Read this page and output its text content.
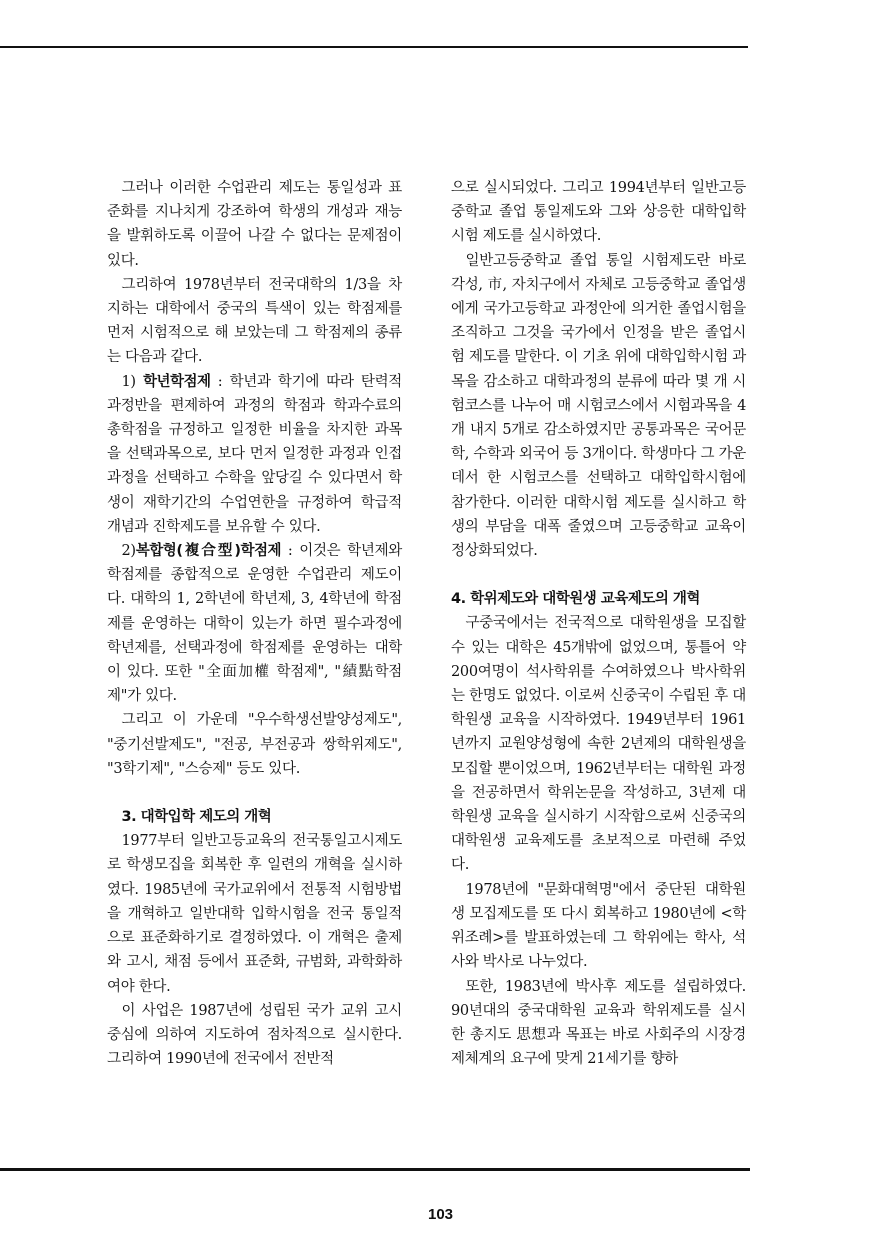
그러나 이러한 수업관리 제도는 통일성과 표준화를 지나치게 강조하여 학생의 개성과 재능을 발휘하도록 이끌어 나갈 수 없다는 문제점이 있다.

그리하여 1978년부터 전국대학의 1/3을 차지하는 대학에서 중국의 특색이 있는 학점제를 먼저 시험적으로 해 보았는데 그 학점제의 종류는 다음과 같다.

1) 학년학점제 : 학년과 학기에 따라 탄력적 과정반을 편제하여 과정의 학점과 학과수료의 총학점을 규정하고 일정한 비율을 차지한 과목을 선택과목으로, 보다 먼저 일정한 과정과 인접과정을 선택하고 수학을 앞당길 수 있다면서 학생이 재학기간의 수업연한을 규정하여 학급적 개념과 진학제도를 보유할 수 있다.

2)복합형(複合型)학점제 : 이것은 학년제와 학점제를 종합적으로 운영한 수업관리 제도이다. 대학의 1, 2학년에 학년제, 3, 4학년에 학점제를 운영하는 대학이 있는가 하면 필수과정에 학년제를, 선택과정에 학점제를 운영하는 대학이 있다. 또한 "全面加權 학점제", "績點학점제"가 있다.

그리고 이 가운데 "우수학생선발양성제도", "중기선발제도", "전공, 부전공과 쌍학위제도", "3학기제", "스승제" 등도 있다.

3. 대학입학 제도의 개혁

1977부터 일반고등교육의 전국통일고시제도로 학생모집을 회복한 후 일련의 개혁을 실시하였다. 1985년에 국가교위에서 전통적 시험방법을 개혁하고 일반대학 입학시험을 전국 통일적으로 표준화하기로 결정하였다. 이 개혁은 출제와 고시, 채점 등에서 표준화, 규범화, 과학화하여야 한다.

이 사업은 1987년에 성립된 국가 교위 고시 중심에 의하여 지도하여 점차적으로 실시한다. 그리하여 1990년에 전국에서 전반적

으로 실시되었다. 그리고 1994년부터 일반고등중학교 졸업 통일제도와 그와 상응한 대학입학시험 제도를 실시하였다.

일반고등중학교 졸업 통일 시험제도란 바로 각성, 市, 자치구에서 자체로 고등중학교 졸업생에게 국가고등학교 과정안에 의거한 졸업시험을 조직하고 그것을 국가에서 인정을 받은 졸업시험 제도를 말한다. 이 기초 위에 대학입학시험 과목을 감소하고 대학과정의 분류에 따라 몇 개 시험코스를 나누어 매 시험코스에서 시험과목을 4개 내지 5개로 감소하였지만 공통과목은 국어문학, 수학과 외국어 등 3개이다. 학생마다 그 가운데서 한 시험코스를 선택하고 대학입학시험에 참가한다. 이러한 대학시험 제도를 실시하고 학생의 부담을 대폭 줄였으며 고등중학교 교육이 정상화되었다.

4. 학위제도와 대학원생 교육제도의 개혁

구중국에서는 전국적으로 대학원생을 모집할 수 있는 대학은 45개밖에 없었으며, 통틀어 약200여명이 석사학위를 수여하였으나 박사학위는 한명도 없었다. 이로써 신중국이 수립된 후 대학원생 교육을 시작하였다. 1949년부터 1961년까지 교원양성형에 속한 2년제의 대학원생을 모집할 뿐이었으며, 1962년부터는 대학원 과정을 전공하면서 학위논문을 작성하고, 3년제 대학원생 교육을 실시하기 시작함으로써 신중국의 대학원생 교육제도를 초보적으로 마련해 주었다.

1978년에 "문화대혁명"에서 중단된 대학원생 모집제도를 또 다시 회복하고 1980년에 <학위조례>를 발표하였는데 그 학위에는 학사, 석사와 박사로 나누었다.

또한, 1983년에 박사후 제도를 설립하였다. 90년대의 중국대학원 교육과 학위제도를 실시한 총지도 思想과 목표는 바로 사회주의 시장경제체계의 요구에 맞게 21세기를 향하

103
